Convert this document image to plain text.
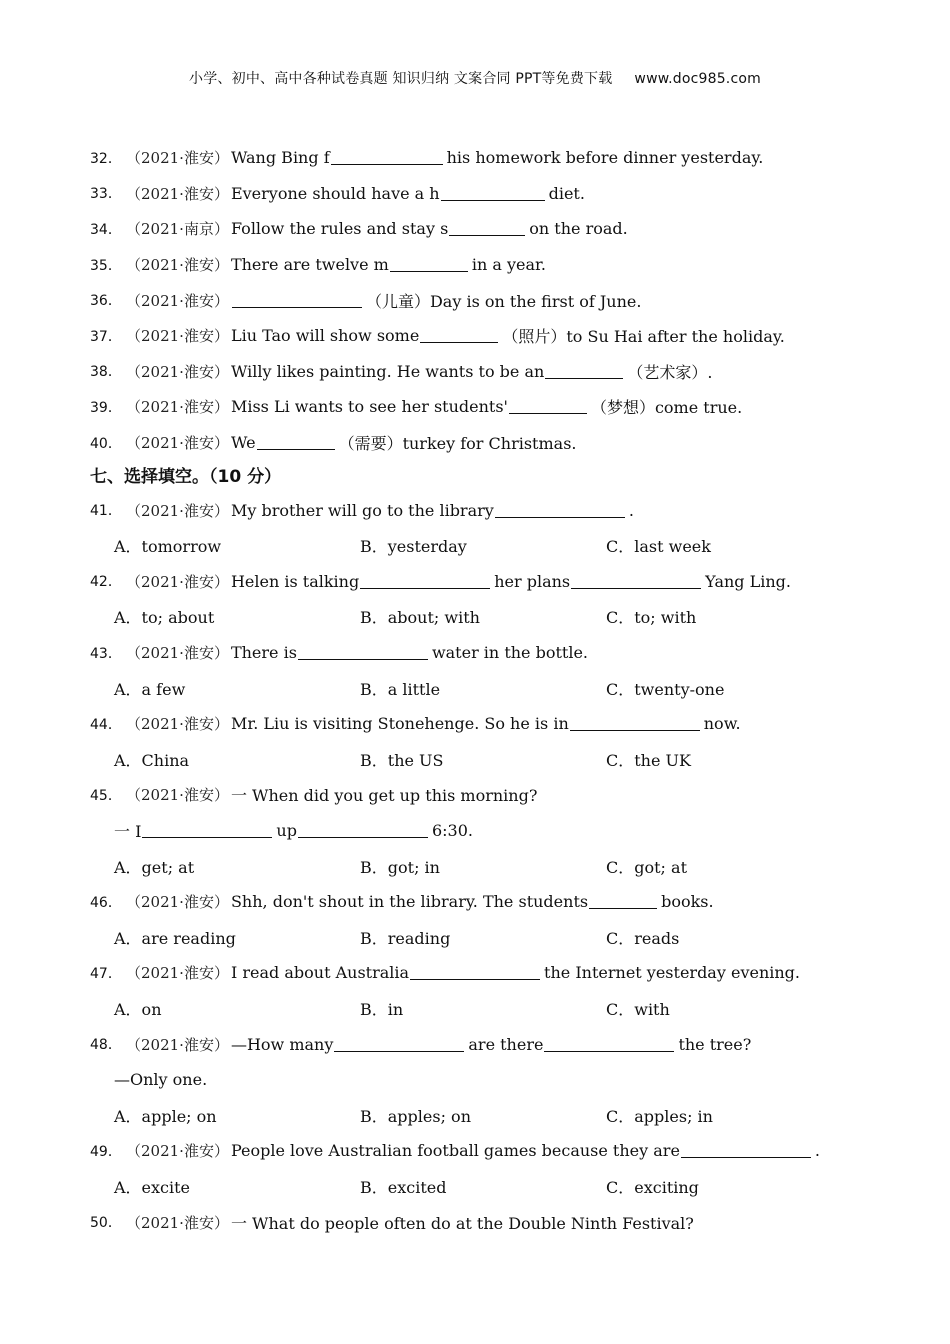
小学、初中、高中各种试卷真题 知识归纳 文案合同 PPT等免费下载 www.doc985.com
32． （2021·淮安） Wang Bing f	his homework before dinner yesterday.
33． （2021·淮安） Everyone should have a h	diet.
34． （2021·南京） Follow the rules and stay s	on the road.
35． （2021·淮安） There are twelve m	in a year.
36． （2021·淮安）	（儿童）Day is on the first of June.
37． （2021·淮安） Liu Tao will show some	（照片）to Su Hai after the holiday.
38． （2021·淮安） Willy likes painting. He wants to be an	（艺术家）.
39． （2021·淮安） Miss Li wants to see her students'	（梦想）come true.
40． （2021·淮安） We	（需要）turkey for Christmas.
七、选择填空。（10 分）
41． （2021·淮安） My brother will go to the library	.
A．tomorrow	B．yesterday	C．last week
42． （2021·淮安） Helen is talking	her plans	Yang Ling.
A．to; about	B．about; with	C．to; with
43． （2021·淮安） There is	water in the bottle.
A．a few	B．a little	C．twenty-one
44． （2021·淮安） Mr. Liu is visiting Stonehenge. So he is in	now.
A．China	B．the US	C．the UK
45． （2021·淮安） 一 When did you get up this morning?
一 I	up	6:30.
A．get; at	B．got; in	C．got; at
46． （2021·淮安） Shh, don't shout in the library. The students	books.
A．are reading	B．reading	C．reads
47． （2021·淮安） I read about Australia	the Internet yesterday evening.
A．on	B．in	C．with
48． （2021·淮安） —How many	are there	the tree?
—Only one.
A．apple; on	B．apples; on	C．apples; in
49． （2021·淮安） People love Australian football games because they are	.
A．excite	B．excited	C．exciting
50． （2021·淮安） 一 What do people often do at the Double Ninth Festival?
